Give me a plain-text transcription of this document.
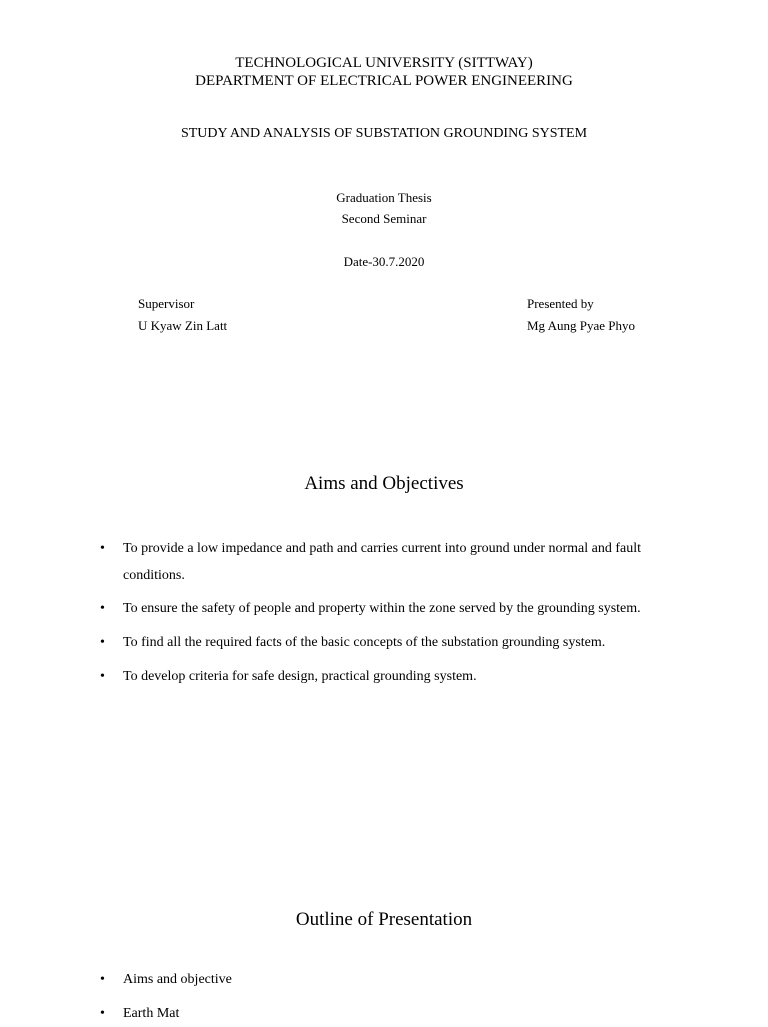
TECHNOLOGICAL UNIVERSITY (SITTWAY)
DEPARTMENT OF ELECTRICAL POWER ENGINEERING
STUDY AND ANALYSIS OF SUBSTATION GROUNDING SYSTEM
Graduation Thesis
Second Seminar
Date-30.7.2020
Supervisor
U Kyaw Zin Latt
Presented by
Mg Aung Pyae Phyo
Aims and Objectives
• To provide a low impedance and path and carries current into ground under normal and fault conditions.
• To ensure the safety of people and property within the zone served by the grounding system.
• To find all the required facts of the basic concepts of the substation grounding system.
• To develop criteria for safe design, practical grounding system.
Outline of Presentation
• Aims and objective
• Earth Mat
